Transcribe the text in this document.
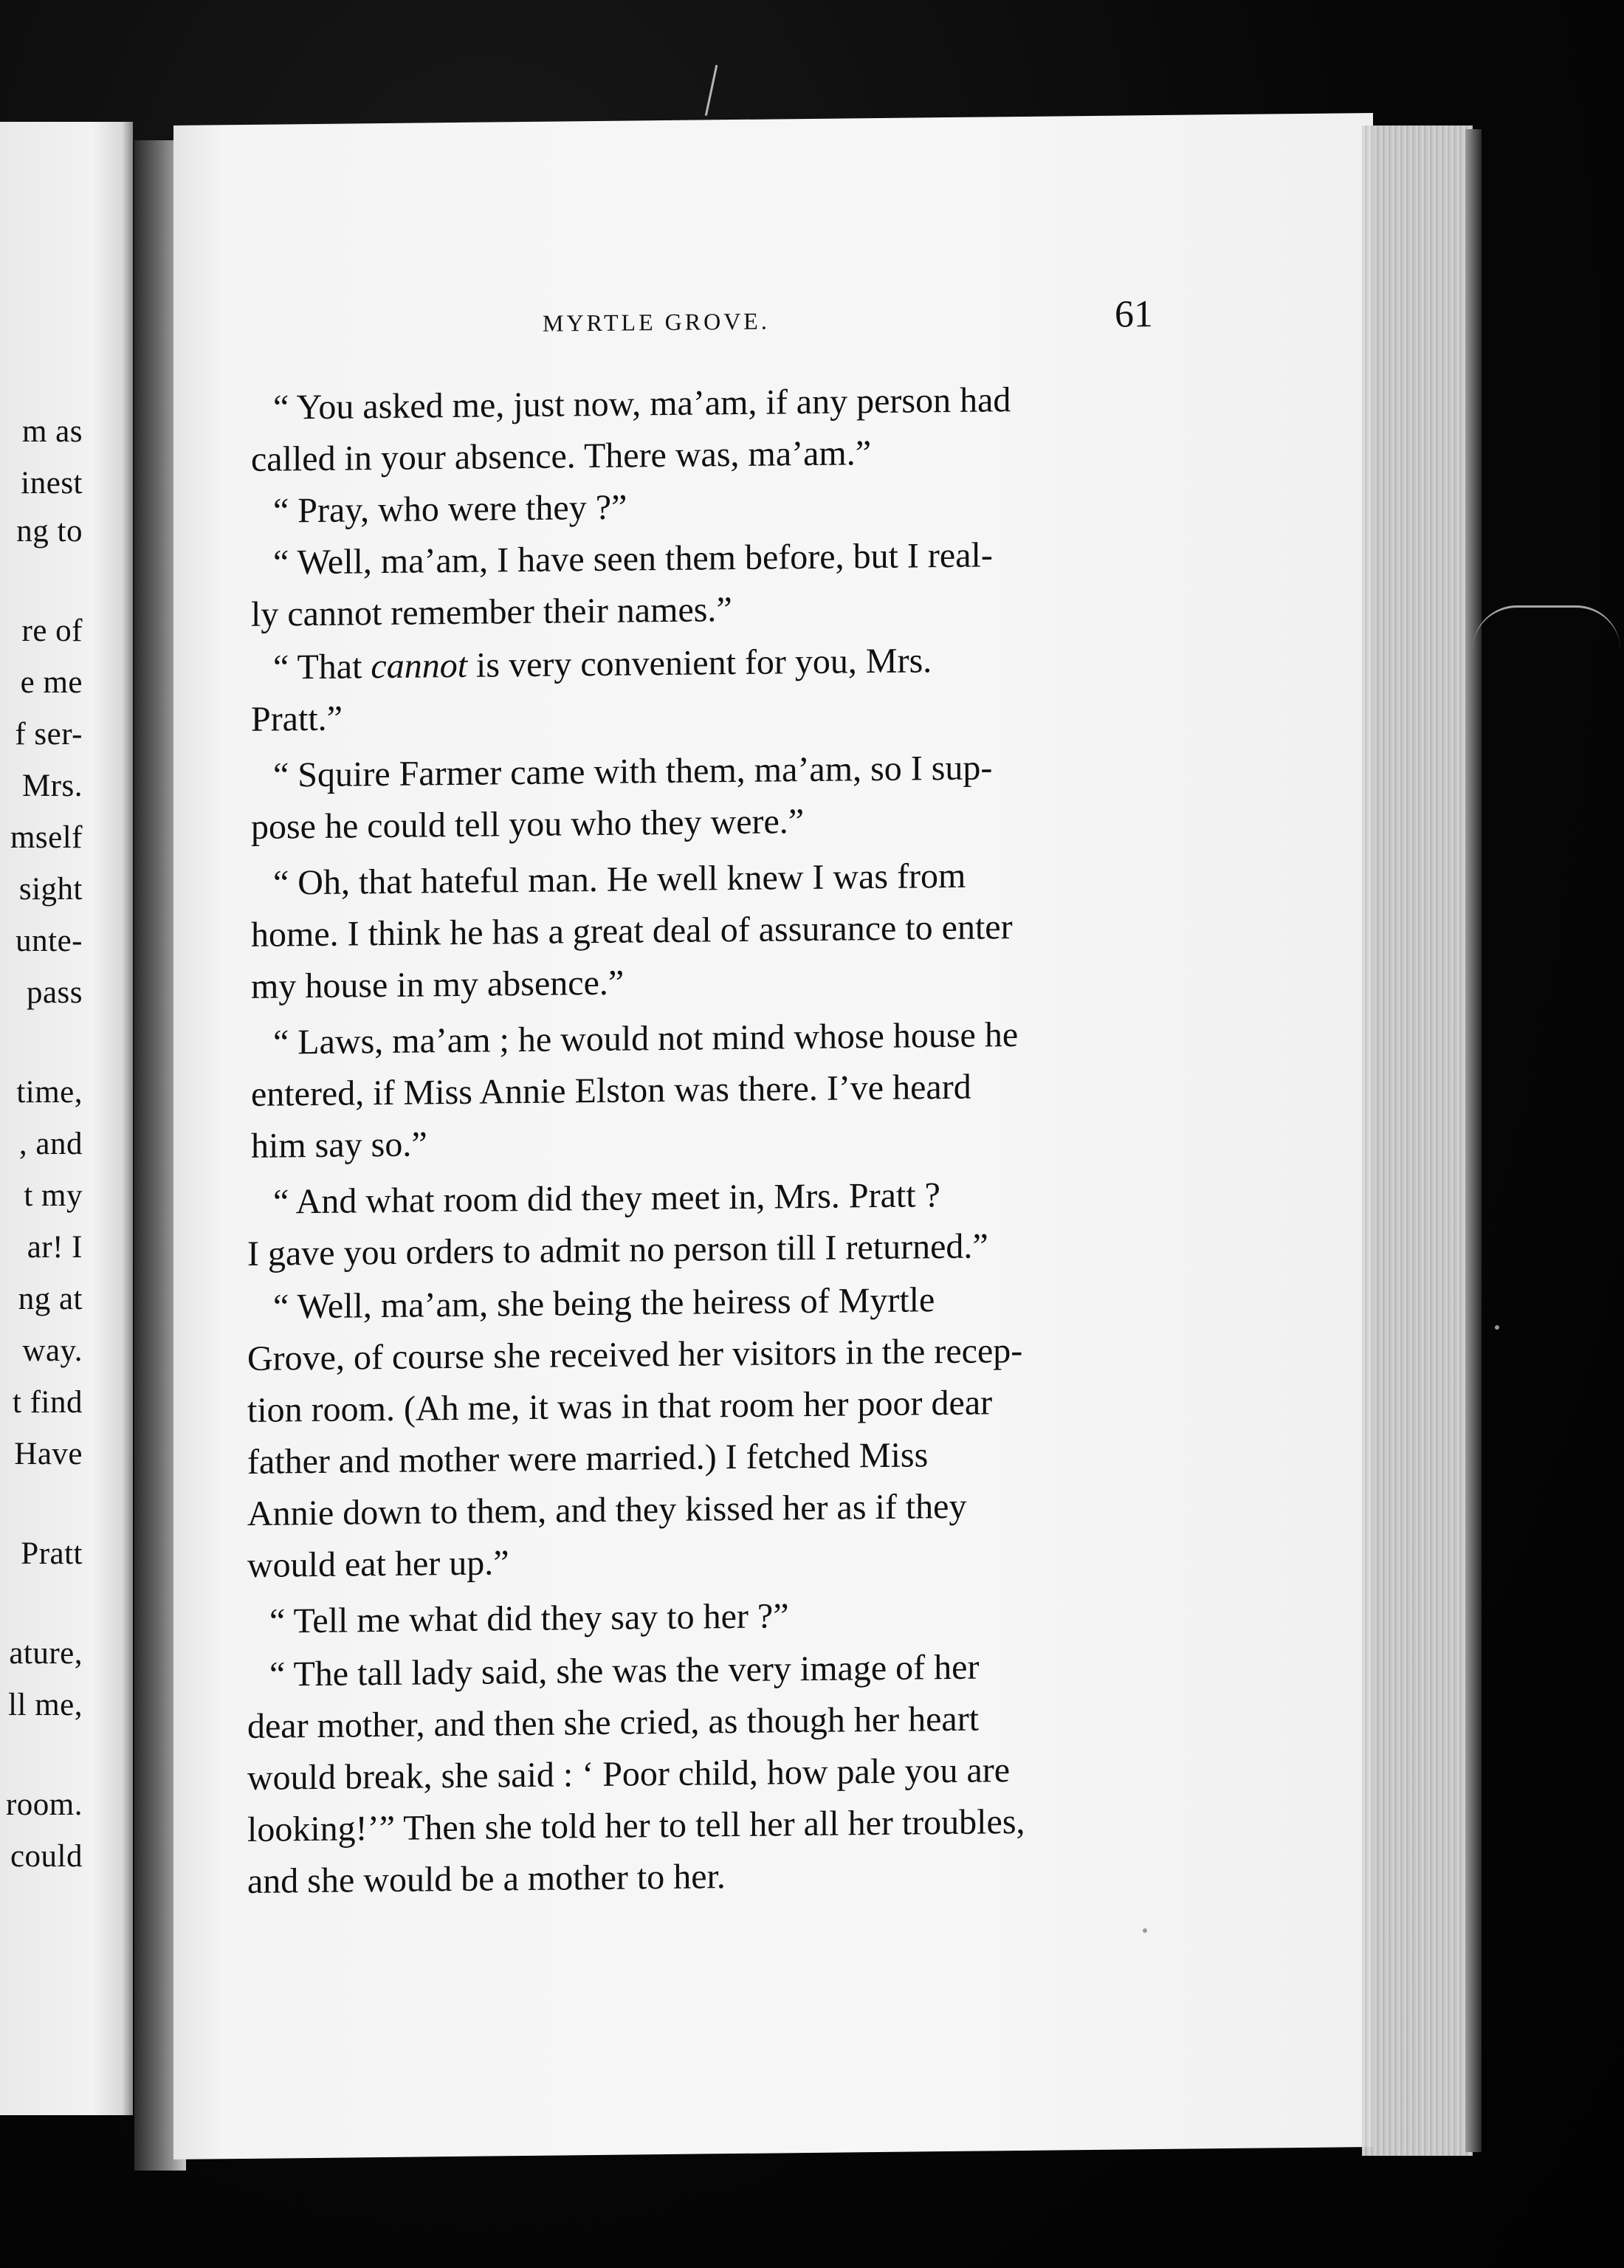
m as
inest
ng to
re of
e me
f ser-
Mrs.
mself
sight
unte-
pass
time,
, and
t my
ar! I
ng at
way.
t find
Have
Pratt
ature,
ll me,
room.
could
MYRTLE GROVE.	61
“ You asked me, just now, ma’am, if any person had
called in your absence. There was, ma’am.”
“ Pray, who were they ?”
“ Well, ma’am, I have seen them before, but I real-
ly cannot remember their names.”
“ That cannot is very convenient for you, Mrs.
Pratt.”
“ Squire Farmer came with them, ma’am, so I sup-
pose he could tell you who they were.”
“ Oh, that hateful man. He well knew I was from
home. I think he has a great deal of assurance to enter
my house in my absence.”
“ Laws, ma’am ; he would not mind whose house he
entered, if Miss Annie Elston was there. I’ve heard
him say so.”
“ And what room did they meet in, Mrs. Pratt ?
I gave you orders to admit no person till I returned.”
“ Well, ma’am, she being the heiress of Myrtle
Grove, of course she received her visitors in the recep-
tion room. (Ah me, it was in that room her poor dear
father and mother were married.) I fetched Miss
Annie down to them, and they kissed her as if they
would eat her up.”
“ Tell me what did they say to her ?”
“ The tall lady said, she was the very image of her
dear mother, and then she cried, as though her heart
would break, she said : ‘ Poor child, how pale you are
looking!’” Then she told her to tell her all her troubles,
and she would be a mother to her.
